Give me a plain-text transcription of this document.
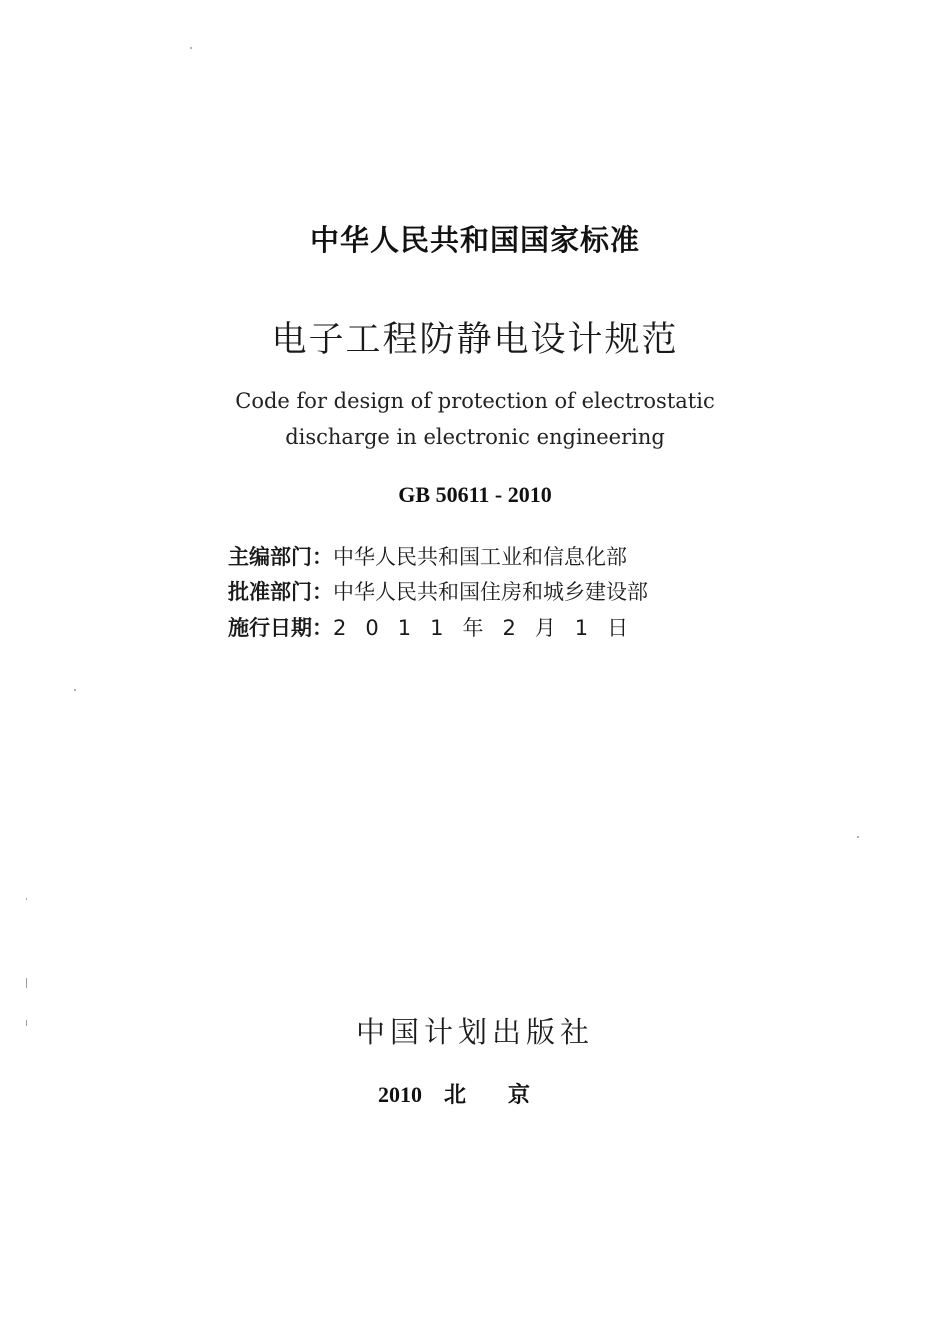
中华人民共和国国家标准
电子工程防静电设计规范
Code for design of protection of electrostatic
discharge in electronic engineering
GB 50611 - 2010
主编部门：中华人民共和国工业和信息化部
批准部门：中华人民共和国住房和城乡建设部
施行日期：2011年2月1日
中国计划出版社
2010 北京
